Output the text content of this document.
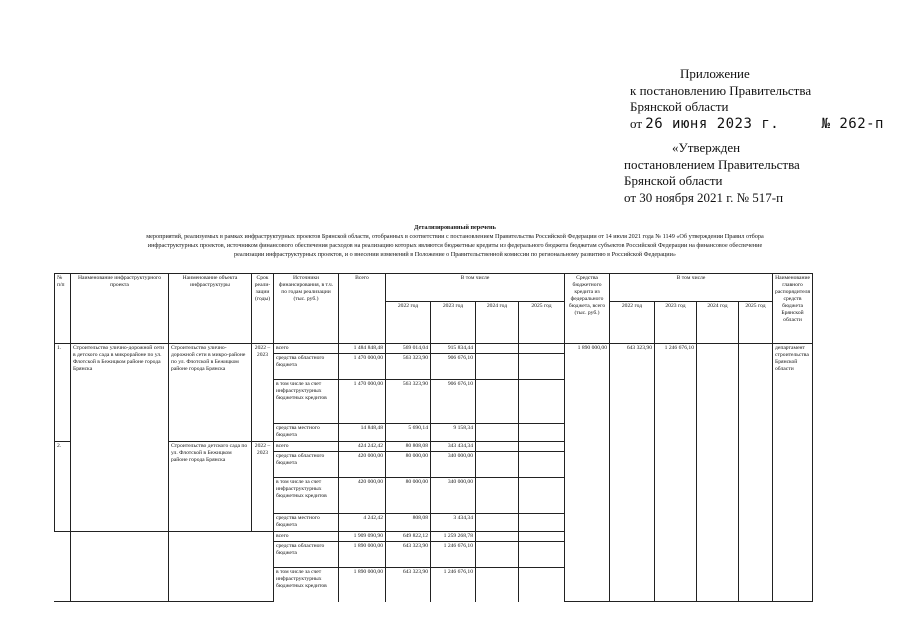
Приложение
к постановлению Правительства
Брянской области
от 26 июня 2023 г.	№ 262-п
«Утвержден
постановлением Правительства
Брянской области
от 30 ноября 2021 г. № 517-п
Детализированный перечень
мероприятий, реализуемых в рамках инфраструктурных проектов Брянской области, отобранных в соответствии с постановлением Правительства Российской Федерации от 14 июля 2021 года № 1149 «Об утверждении Правил отбора
инфраструктурных проектов, источником финансового обеспечения расходов на реализацию которых являются бюджетные кредиты из федерального бюджета бюджетам субъектов Российской Федерации на финансовое обеспечение
реализации инфраструктурных проектов, и о внесении изменений в Положение о Правительственной комиссии по региональному развитию в Российской Федерации»
№ п/п	Наименование инфраструктурного проекта	Наименование объекта инфраструктуры	Срок реали-зации (годы)	Источники финансирования, в т.ч. по годам реализации (тыс. руб.)	Всего	В том числе				Средства бюджетного кредита из федерального бюджета, всего (тыс. руб.)	В том числе				Наименование главного распорядителя средств бюджета Брянской области
						2022 год	2023 год	2024 год	2025 год		2022 год	2023 год	2024 год	2025 год	
1.	Строительство улично-дорожной сети в детского сада в микрорайоне по ул. Флотской в Бежицком районе города Брянска	Строительство улично-дорожной сети в микро-районе по ул. Флотской в Бежицком районе города Брянска	2022 – 2023	всего	1 484 848,48	569 014,04	915 834,44			1 890 000,00	643 323,90	1 246 676,10			департамент строительства Брянской области
				средства областного бюджета	1 470 000,00	563 323,90	906 676,10								
				в том числе за счет инфраструктурных бюджетных кредитов	1 470 000,00	563 323,90	906 676,10								
				средства местного бюджета	14 848,48	5 690,14	9 158,34								
2.		Строительство детского сада по ул. Флотской в Бежицком районе города Брянска	2022 – 2023	всего	424 242,42	80 808,08	343 434,34								
				средства областного бюджета	420 000,00	80 000,00	340 000,00								
				в том числе за счет инфраструктурных бюджетных кредитов	420 000,00	80 000,00	340 000,00								
				средства местного бюджета	4 242,42	808,08	3 434,34								
				всего	1 909 090,90	649 822,12	1 259 268,78								
				средства областного бюджета	1 890 000,00	643 323,90	1 246 676,10								
				в том числе за счет инфраструктурных бюджетных кредитов	1 890 000,00	643 323,90	1 246 676,10								
